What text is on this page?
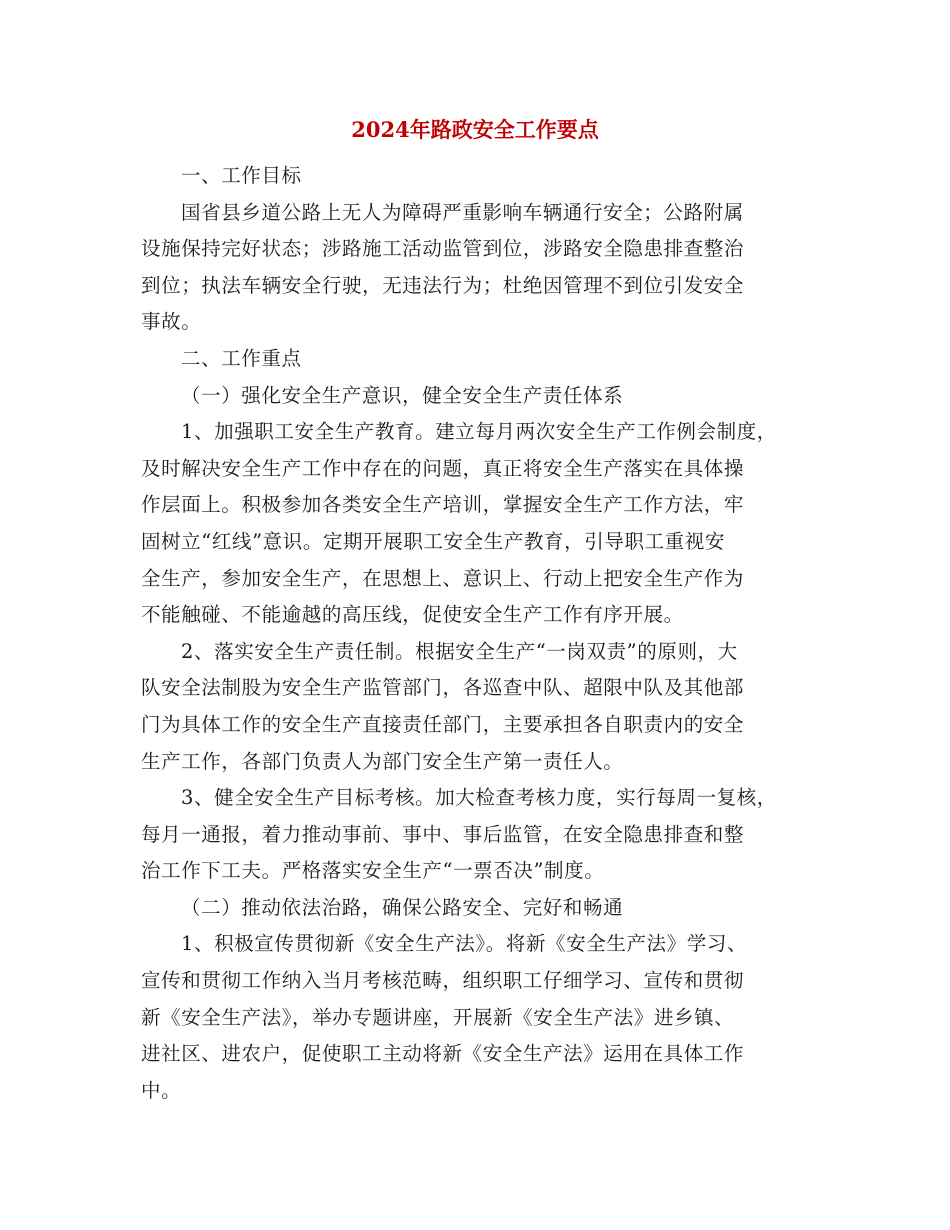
2024年路政安全工作要点
一、工作目标
国省县乡道公路上无人为障碍严重影响车辆通行安全；公路附属
设施保持完好状态；涉路施工活动监管到位，涉路安全隐患排查整治
到位；执法车辆安全行驶，无违法行为；杜绝因管理不到位引发安全
事故。
二、工作重点
（一）强化安全生产意识，健全安全生产责任体系
1、加强职工安全生产教育。建立每月两次安全生产工作例会制度，
及时解决安全生产工作中存在的问题，真正将安全生产落实在具体操
作层面上。积极参加各类安全生产培训，掌握安全生产工作方法，牢
固树立“红线”意识。定期开展职工安全生产教育，引导职工重视安
全生产，参加安全生产，在思想上、意识上、行动上把安全生产作为
不能触碰、不能逾越的高压线，促使安全生产工作有序开展。
2、落实安全生产责任制。根据安全生产“一岗双责”的原则，大
队安全法制股为安全生产监管部门，各巡查中队、超限中队及其他部
门为具体工作的安全生产直接责任部门，主要承担各自职责内的安全
生产工作，各部门负责人为部门安全生产第一责任人。
3、健全安全生产目标考核。加大检查考核力度，实行每周一复核，
每月一通报，着力推动事前、事中、事后监管，在安全隐患排查和整
治工作下工夫。严格落实安全生产“一票否决”制度。
（二）推动依法治路，确保公路安全、完好和畅通
1、积极宣传贯彻新《安全生产法》。将新《安全生产法》学习、
宣传和贯彻工作纳入当月考核范畴，组织职工仔细学习、宣传和贯彻
新《安全生产法》，举办专题讲座，开展新《安全生产法》进乡镇、
进社区、进农户，促使职工主动将新《安全生产法》运用在具体工作
中。
